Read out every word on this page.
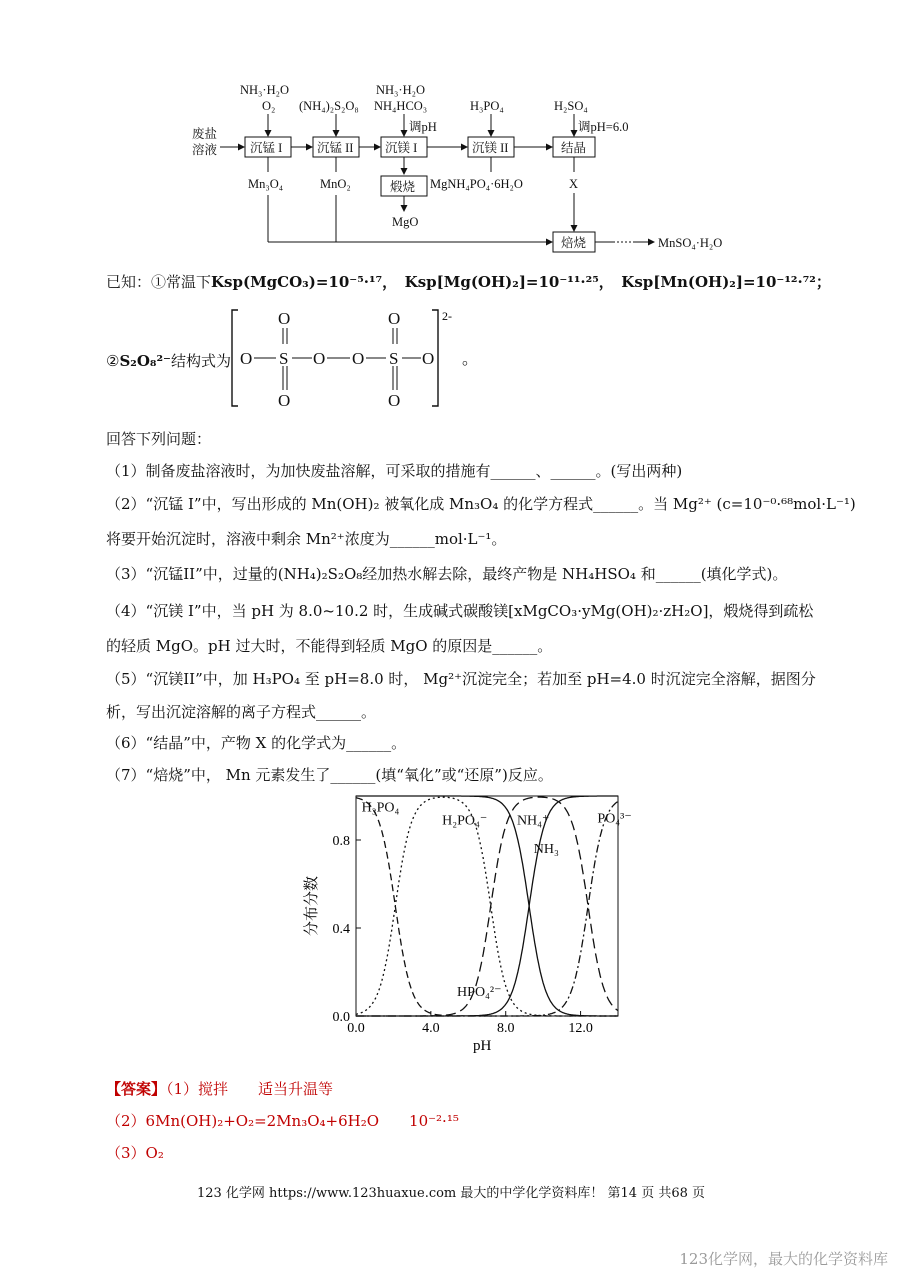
废盐
溶液
NH₃·H₂O
O₂ (NH₄)₂S₂O₈
NH₃·H₂O
NH₄HCO₃
调pH
H₃PO₄	H₂SO₄
调pH=6.0
沉锰 I	沉锰 II	沉镁 I	沉镁 II	结晶
Mn₃O₄	MnO₂	MgNH₄PO₄·6H₂O	X
煅烧
MgO
焙烧	MnSO₄·H₂O
已知：①常温下Ksp(MgCO₃)=10⁻⁵·¹⁷，　Ksp[Mg(OH)₂]=10⁻¹¹·²⁵，　Ksp[Mn(OH)₂]=10⁻¹²·⁷²；
②S₂O₈²⁻结构式为 O S O O S O
O
O
O
O
2-
。
回答下列问题：
（1）制备废盐溶液时，为加快废盐溶解，可采取的措施有______、______。(写出两种)
（2）“沉锰 I”中，写出形成的 Mn(OH)₂ 被氧化成 Mn₃O₄ 的化学方程式______。当 Mg²⁺ (c=10⁻⁰·⁶⁸mol·L⁻¹)
将要开始沉淀时，溶液中剩余 Mn²⁺浓度为______mol·L⁻¹。
（3）“沉锰II”中，过量的(NH₄)₂S₂O₈经加热水解去除，最终产物是 NH₄HSO₄ 和______(填化学式)。
（4）“沉镁 I”中，当 pH 为 8.0~10.2 时，生成碱式碳酸镁[xMgCO₃·yMg(OH)₂·zH₂O]，煅烧得到疏松
的轻质 MgO。pH 过大时，不能得到轻质 MgO 的原因是______。
（5）“沉镁II”中，加 H₃PO₄ 至 pH=8.0 时， Mg²⁺沉淀完全；若加至 pH=4.0 时沉淀完全溶解，据图分
析，写出沉淀溶解的离子方程式______。
（6）“结晶”中，产物 X 的化学式为______。
（7）“焙烧”中， Mn 元素发生了______(填“氧化”或“还原”)反应。
0.0	4.0	8.0	12.0
0.0
0.4
0.8
pH
分布分数
H₃PO₄
H₂PO₄⁻
HPO₄²⁻
PO₄³⁻
NH₄⁺
NH₃
【答案】（1）搅拌　　适当升温等
（2）6Mn(OH)₂+O₂=2Mn₃O₄+6H₂O　　10⁻²·¹⁵
（3）O₂
123 化学网 https://www.123huaxue.com 最大的中学化学资料库！ 第14 页 共68 页
123化学网，最大的化学资料库
